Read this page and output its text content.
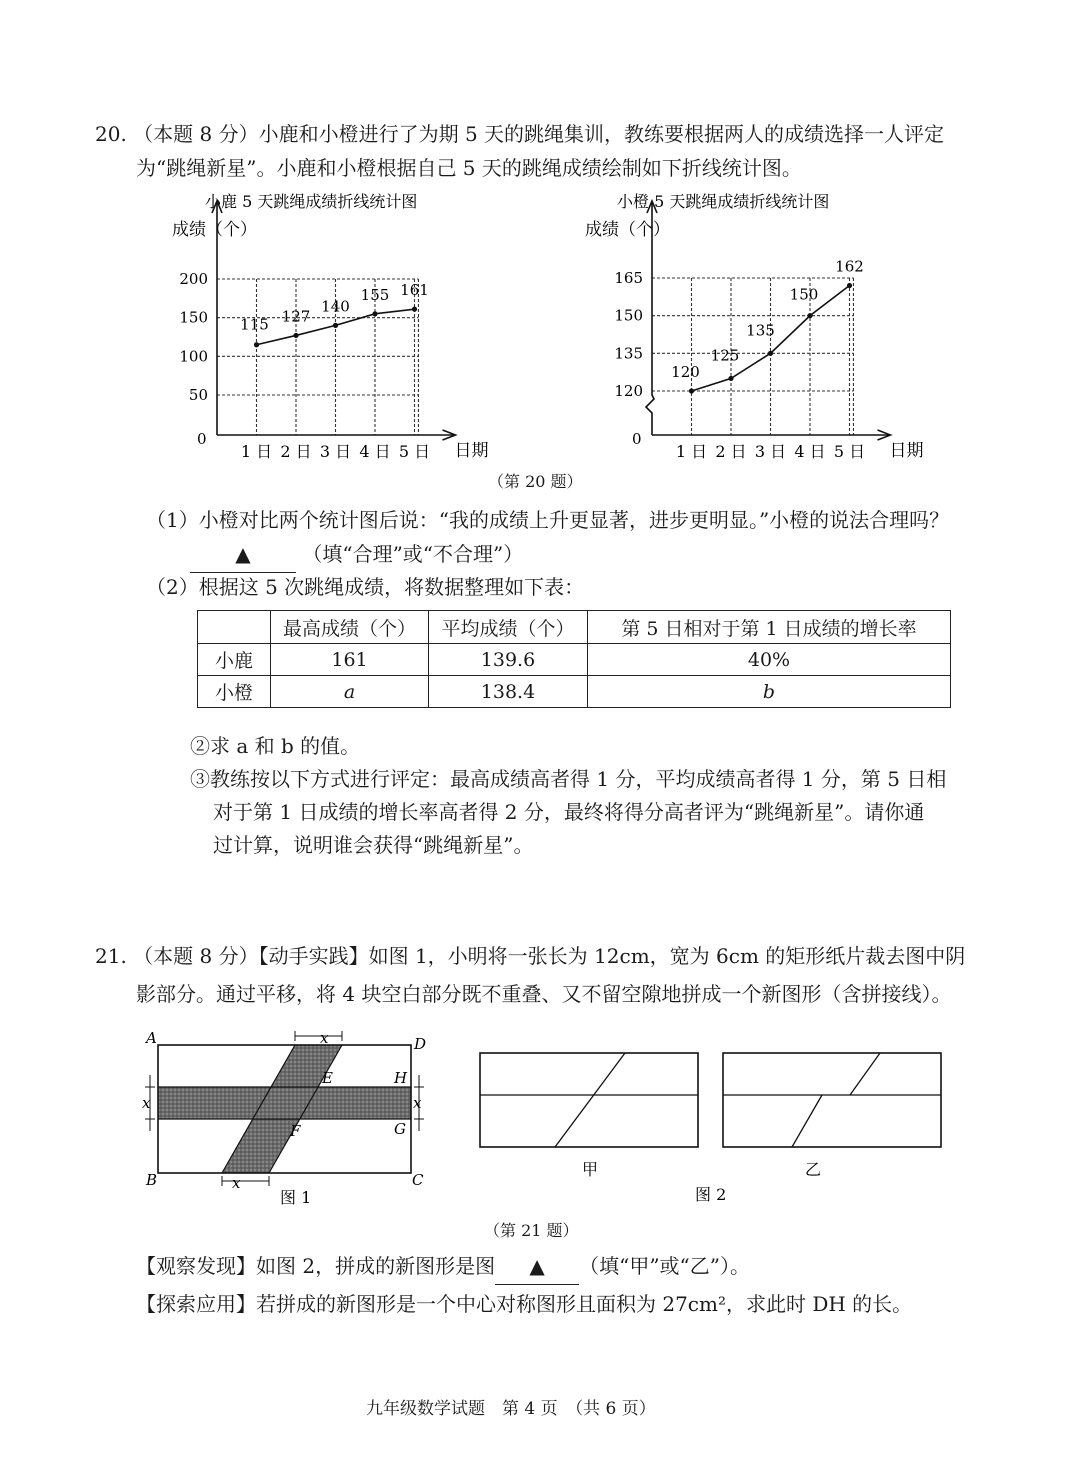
20. （本题 8 分）小鹿和小橙进行了为期 5 天的跳绳集训，教练要根据两人的成绩选择一人评定
为“跳绳新星”。小鹿和小橙根据自己 5 天的跳绳成绩绘制如下折线统计图。
小鹿 5 天跳绳成绩折线统计图
成绩（个）
50
100
150
200
0
日期
1 日 2 日 3 日 4 日 5 日
115 127
140
155 161
小橙 5 天跳绳成绩折线统计图
成绩（个）
120
135
150
165
0
日期
1 日 2 日 3 日 4 日 5 日
120
125
135
150
162
（第 20 题）
（1）小橙对比两个统计图后说：“我的成绩上升更显著，进步更明显。”小橙的说法合理吗？
▲	（填“合理”或“不合理”）
（2）根据这 5 次跳绳成绩，将数据整理如下表：
	最高成绩（个）	平均成绩（个）	第 5 日相对于第 1 日成绩的增长率
小鹿	161	139.6	40%
小橙	a	138.4	b
②求 a 和 b 的值。
③教练按以下方式进行评定：最高成绩高者得 1 分，平均成绩高者得 1 分，第 5 日相
对于第 1 日成绩的增长率高者得 2 分，最终将得分高者评为“跳绳新星”。请你通
过计算，说明谁会获得“跳绳新星”。
21. （本题 8 分）【动手实践】如图 1，小明将一张长为 12cm，宽为 6cm 的矩形纸片裁去图中阴
影部分。通过平移，将 4 块空白部分既不重叠、又不留空隙地拼成一个新图形（含拼接线）。
A	D
B	C
E
F
H
G
x
x
x	x
图 1
甲	乙
图 2
（第 21 题）
【观察发现】如图 2，拼成的新图形是图 ▲ （填“甲”或“乙”）。
【探索应用】若拼成的新图形是一个中心对称图形且面积为 27cm²，求此时 DH 的长。
九年级数学试题　第 4 页　（共 6 页）
